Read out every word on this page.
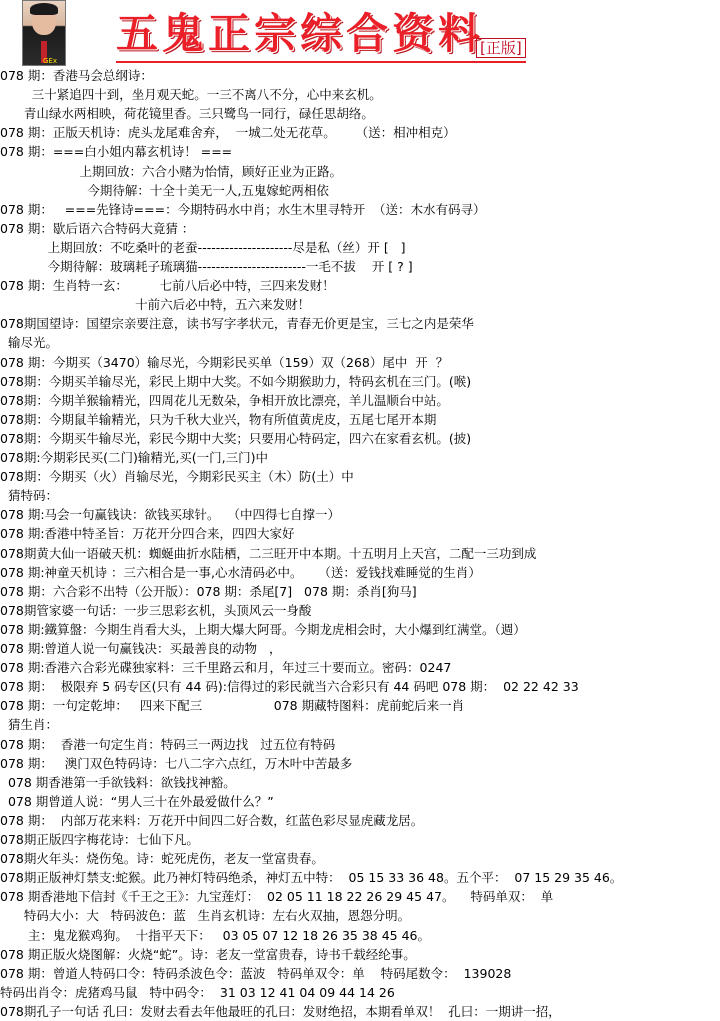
GEx
五鬼正宗综合资料
[正版]
078 期：香港马会总纲诗：
三十紧追四十到，坐月观天蛇。一三不离八不分，心中来玄机。
青山绿水两相映，荷花镜里香。三只鹭鸟一同行，碌任思胡络。
078 期：正版天机诗：虎头龙尾难舍弃，  一城二处无花草。     （送：相冲相克）
078 期：===白小姐内幕玄机诗！ ===
上期回放：六合小赌为怡情，顾好正业为正路。
今期待解：十全十美无一人,五鬼嫁蛇两相依
078 期：   ===先锋诗===：今期特码水中肖；水生木里寻特开  （送：木水有码寻）
078 期：歇后语六合特码大竟猜 ：
上期回放：不吃桑叶的老蚕---------------------尽是私（丝）开 [   ]
今期待解：玻璃耗子琉璃猫------------------------一毛不拔    开 [ ? ]
078 期：生肖特一玄：        七前八后必中特，三四来发财！
十前六后必中特，五六来发财！
078期国望诗：国望宗亲要注意，读书写字孝状元，青春无价更是宝，三七之内是荣华
输尽光。
078 期：今期买（3470）输尽光，今期彩民买单（159）双（268）尾中  开  ？
078期：今期买羊输尽光，彩民上期中大奖。不如今期猴助力，特码玄机在三门。(喉)
078期：今期羊猴输精光，四周花儿无数朵，争相开放比漂亮，羊儿温顺台中站。
078期：今期鼠羊输精光，只为千秋大业兴，物有所值黄虎皮，五尾七尾开本期
078期：今期买牛输尽光，彩民今期中大奖；只要用心特码定，四六在家看玄机。(披)
078期:今期彩民买(二门)输精光,买(一门,三门)中
078期：今期买（火）肖输尽光，今期彩民买主（木）防(土）中
猜特码：
078 期:马会一句赢钱诀：欲钱买球针。  （中四得七自撑一）
078 期:香港中特圣旨：万花开分四合来，四四大家好
078期黄大仙一语破天机：蜘蜒曲折水陆栖，二三旺开中本期。十五明月上天宫，二配一三功到成
078 期:神童天机诗 ：三六相合是一事,心水清码必中。    （送：爱钱找难睡觉的生肖）
078 期：六合彩不出特（公开版）：078 期：杀尾[7]   078 期：杀肖[狗马]
078期管家婆一句话：一步三思彩玄机，头顶风云一身酸
078 期:鐵算盤：今期生肖看大头，上期大爆大阿哥。今期龙虎相会时，大小爆到红满堂。（週）
078 期:曾道人说一句赢钱决：买最善良的动物   ，
078 期:香港六合彩光碟独家料：三千里路云和月，年过三十要而立。密码：0247
078 期：  极限弃 5 码专区(只有 44 码):信得过的彩民就当六合彩只有 44 码吧 078 期：  02 22 42 33
078 期：一句定乾坤：   四来下配三                  078 期藏特图料：虎前蛇后来一肖
猜生肖：
078 期：  香港一句定生肖：特码三一两边找   过五位有特码
078 期：   澳门双色特码诗：七八二字六点红，万木叶中苦最多
078 期香港第一手欲钱料：欲钱找神豁。
078 期曾道人说：“男人三十在外最爱做什么？”
078 期：  内部万花来料：万花开中间四二好合数，红蓝色彩尽显虎藏龙居。
078期正版四字梅花诗：七仙下凡。
078期火年头：烧伤兔。诗：蛇死虎伤，老友一堂富贵春。
078期正版神灯禁支:蛇猴。此乃神灯特码绝杀，神灯五中特：  05 15 33 36 48。五个平：  07 15 29 35 46。
078 期香港地下信封《千王之王》：九宝莲灯：  02 05 11 18 22 26 29 45 47。    特码单双：  单
特码大小：大   特码波色：蓝   生肖玄机诗：左右火双抽，恩怨分明。
主：鬼龙猴鸡狗。  十指平天下：   03 05 07 12 18 26 35 38 45 46。
078 期正版火烧图解：火烧“蛇”。诗：老友一堂富贵春，诗书千载经纶事。
078 期：曾道人特码口令：特码杀波色令：蓝波   特码单双令：单    特码尾数令：  139028
特码出肖令：虎猪鸡马鼠   特中码令：  31 03 12 41 04 09 44 14 26
078期孔子一句话 孔曰：发财去看去年他最旺的孔曰：发财绝招，本期看单双！  孔曰：一期讲一招，
